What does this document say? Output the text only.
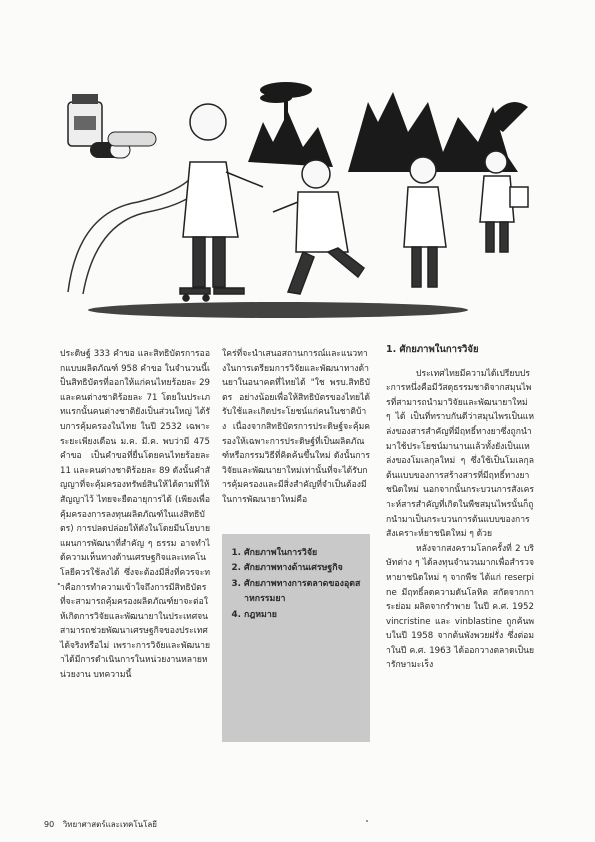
ประดิษฐ์ 333 คำขอ และสิทธิบัตรการออกแบบผลิตภัณฑ์ 958 คำขอ ในจำนวนนี้เป็นสิทธิบัตรที่ออกให้แก่คนไทยร้อยละ 29 และคนต่างชาติร้อยละ 71 โดยในประเภทแรกนั้นคนต่างชาติยังเป็นส่วนใหญ่ ได้รับการคุ้มครองในไทย ในปี 2532 เฉพาะระยะเพียงเดือน ม.ค. มี.ค. พบว่ามี 475 คำขอ เป็นคำขอที่ยื่นโดยคนไทยร้อยละ 11 และคนต่างชาติร้อยละ 89 ดังนั้นคำสัญญาที่จะคุ้มครองทรัพย์สินให้ได้ตามที่ให้สัญญาไว้ ไทยจะยืดอายุการได้ (เพียงเพื่อคุ้มครองการลงทุนผลิตภัณฑ์ในแง่สิทธิบัตร) การปลดปล่อยให้ดังในโดยมีนโยบายแผนการพัฒนาที่สำคัญ ๆ ธรรม อาจทำได้ความเห็นทางด้านเศรษฐกิจและเทคโนโลยีควรใช้ลงได้ ซึ่งจะต้องมีสิ่งที่ควรจะทำคือการทำความเข้าใจถึงการมีสิทธิบัตรที่จะสามารถคุ้มครองผลิตภัณฑ์ยาจะต่อให้เกิดการวิจัยและพัฒนายาในประเทศจนสามารถช่วยพัฒนาเศรษฐกิจของประเทศได้จริงหรือไม่ เพราะการวิจัยและพัฒนายาได้มีการดำเนินการในหน่วยงานหลายหน่วยงาน บทความนี้

ใคร่ที่จะนำเสนอสถานการณ์และแนวทางในการเตรียมการวิจัยและพัฒนาทางด้านยาในอนาคตที่ไทยได้ "ใช พรบ.สิทธิบัตร อย่างน้อยเพื่อให้สิทธิบัตรของไทยได้รับใช้และเกิดประโยชน์แก่คนในชาติบ้าง เนื่องจากสิทธิบัตรการประดิษฐ์จะคุ้มครองให้เฉพาะการประดิษฐ์ที่เป็นผลิตภัณฑ์หรือกรรมวิธีที่คิดค้นขึ้นใหม่ ดังนั้นการวิจัยและพัฒนายาใหม่เท่านั้นที่จะได้รับการคุ้มครองและมีสิ่งสำคัญที่จำเป็นต้องมีในการพัฒนายาใหม่คือ

1. ศักยภาพในการวิจัย
2. ศักยภาพทางด้านเศรษฐกิจ
3. ศักยภาพทางการตลาดของอุตสาหกรรมยา
4. กฎหมาย

1. ศักยภาพในการวิจัย

ประเทศไทยมีความได้เปรียบประการหนึ่งคือมีวัสดุธรรมชาติจากสมุนไพรที่สามารถนำมาวิจัยและพัฒนายาใหม่ ๆ ได้ เป็นที่ทราบกันดีว่าสมุนไพรเป็นแหล่งของสารสำคัญที่มีฤทธิ์ทางยาซึ่งถูกนำมาใช้ประโยชน์มานานแล้วทั้งยังเป็นแหล่งของโมเลกุลใหม่ ๆ ซึ่งใช้เป็นโมเลกุลต้นแบบของการสร้างสารที่มีฤทธิ์ทางยาชนิดใหม่ นอกจากนั้นกระบวนการสังเคราะห์สารสำคัญที่เกิดในพืชสมุนไพรนั้นก็ถูกนำมาเป็นกระบวนการต้นแบบของการสังเคราะห์ยาชนิดใหม่ ๆ ด้วย

หลังจากสงครามโลกครั้งที่ 2 บริษัทต่าง ๆ ได้ลงทุนจำนวนมากเพื่อสำรวจหายาชนิดใหม่ ๆ จากพืช ได้แก่ reserpine มีฤทธิ์ลดความดันโลหิต สกัดจากการะย่อม ผลิตจากรำพาย ในปี ค.ศ. 1952 vincristine และ vinblastine ถูกค้นพบในปี 1958 จากต้นพังพวยฝรั่ง ซึ่งต่อมาในปี ค.ศ. 1963 ได้ออกวางตลาดเป็นยารักษามะเร็ง

90 วิทยาศาสตร์และเทคโนโลยี
